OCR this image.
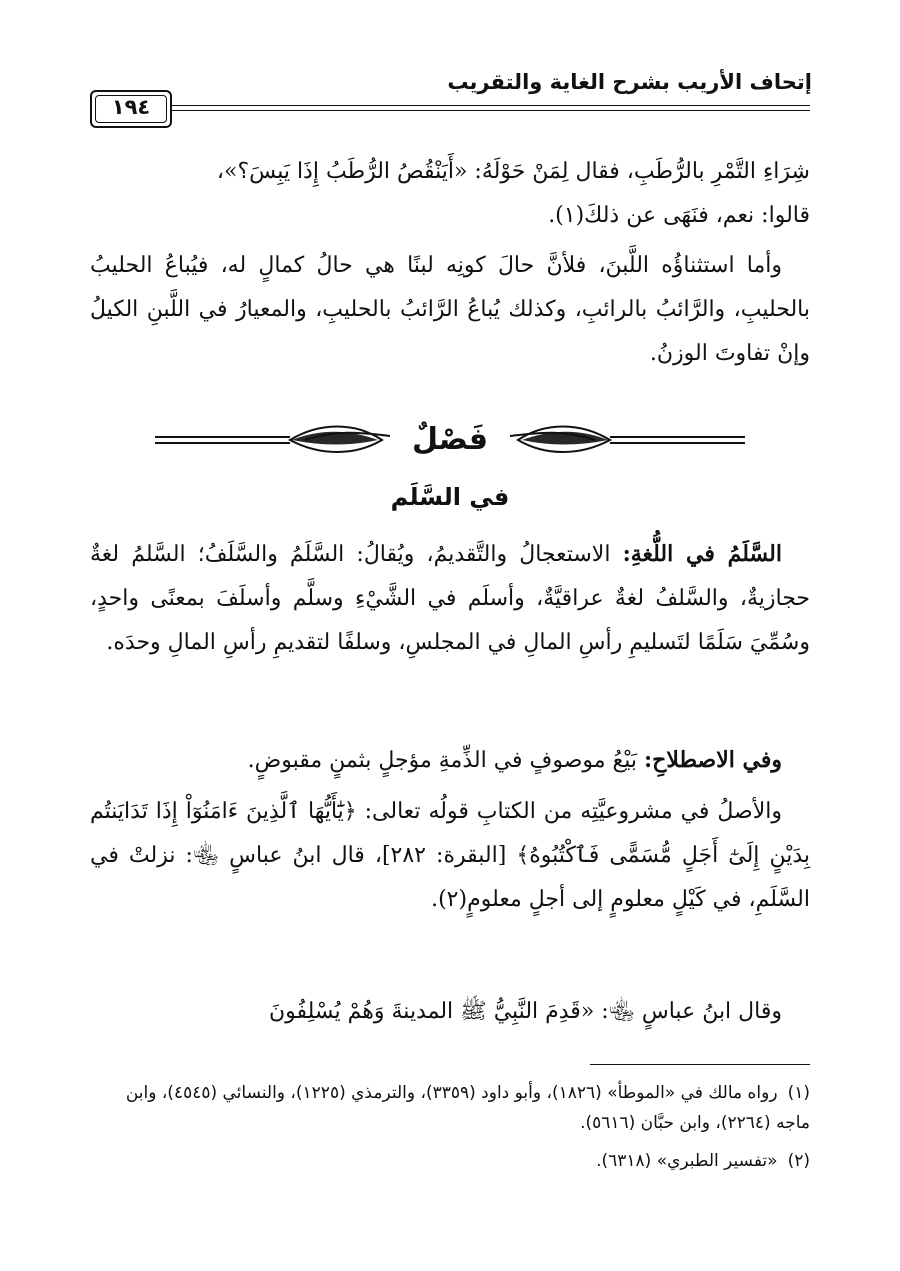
إتحاف الأريب بشرح الغاية والتقريب
١٩٤
شِرَاءِ التَّمْرِ بالرُّطَبِ، فقال لِمَنْ حَوْلَهُ: «أَيَنْقُصُ الرُّطَبُ إِذَا يَبِسَ؟»،
قالوا: نعم، فنَهَى عن ذلكَ(١).
وأما استثناؤُه اللَّبنَ، فلأنَّ حالَ كونِه لبنًا هي حالُ كمالٍ له، فيُباعُ الحليبُ بالحليبِ، والرَّائبُ بالرائبِ، وكذلك يُباعُ الرَّائبُ بالحليبِ، والمعيارُ في اللَّبنِ الكيلُ وإنْ تفاوتَ الوزنُ.
فَصْلٌ
في السَّلَم
السَّلَمُ في اللُّغةِ: الاستعجالُ والتَّقديمُ، ويُقالُ: السَّلَمُ والسَّلَفُ؛ السَّلمُ لغةٌ حجازيةٌ، والسَّلفُ لغةٌ عراقيَّةٌ، وأسلَم في الشَّيْءِ وسلَّم وأسلَفَ بمعنًى واحدٍ، وسُمِّيَ سَلَمًا لتَسليمِ رأسِ المالِ في المجلسِ، وسلفًا لتقديمِ رأسِ المالِ وحدَه.
وفي الاصطلاحِ: بَيْعُ موصوفٍ في الذِّمةِ مؤجلٍ بثمنٍ مقبوضٍ.
والأصلُ في مشروعيَّتِه من الكتابِ قولُه تعالى: ﴿يَٰٓأَيُّهَا ٱلَّذِينَ ءَامَنُوٓاْ إِذَا تَدَايَنتُم بِدَيْنٍ إِلَىٰٓ أَجَلٍ مُّسَمًّى فَٱكْتُبُوهُ﴾ [البقرة: ٢٨٢]، قال ابنُ عباسٍ ﵄: نزلتْ في السَّلَمِ، في كَيْلٍ معلومٍ إلى أجلٍ معلومٍ(٢).
وقال ابنُ عباسٍ ﵄: «قَدِمَ النَّبِيُّ ﷺ المدينةَ وَهُمْ يُسْلِفُونَ
(١)رواه مالك في «الموطأ» (١٨٢٦)، وأبو داود (٣٣٥٩)، والترمذي (١٢٢٥)، والنسائي (٤٥٤٥)، وابن ماجه (٢٢٦٤)، وابن حبَّان (٥٦١٦).
(٢)«تفسير الطبري» (٦٣١٨).
